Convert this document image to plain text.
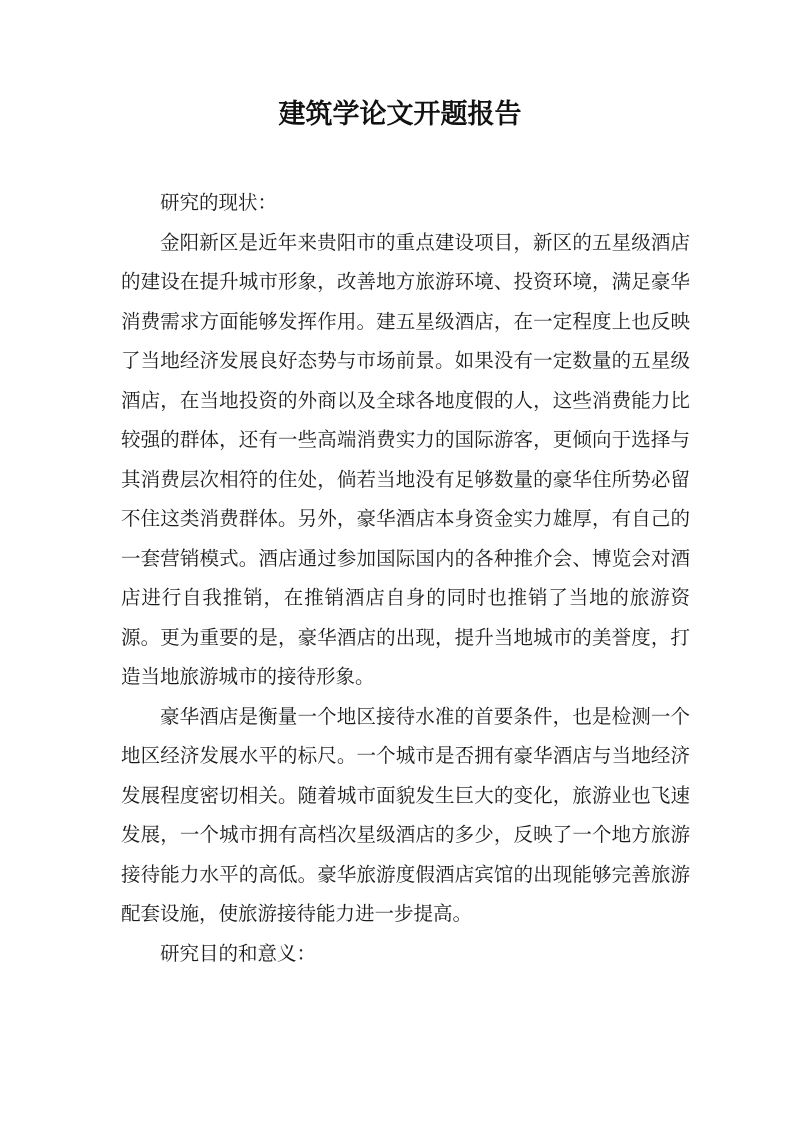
建筑学论文开题报告

研究的现状：

金阳新区是近年来贵阳市的重点建设项目，新区的五星级酒店的建设在提升城市形象，改善地方旅游环境、投资环境，满足豪华消费需求方面能够发挥作用。建五星级酒店，在一定程度上也反映了当地经济发展良好态势与市场前景。如果没有一定数量的五星级酒店，在当地投资的外商以及全球各地度假的人，这些消费能力比较强的群体，还有一些高端消费实力的国际游客，更倾向于选择与其消费层次相符的住处，倘若当地没有足够数量的豪华住所势必留不住这类消费群体。另外，豪华酒店本身资金实力雄厚，有自己的一套营销模式。酒店通过参加国际国内的各种推介会、博览会对酒店进行自我推销，在推销酒店自身的同时也推销了当地的旅游资源。更为重要的是，豪华酒店的出现，提升当地城市的美誉度，打造当地旅游城市的接待形象。

豪华酒店是衡量一个地区接待水准的首要条件，也是检测一个地区经济发展水平的标尺。一个城市是否拥有豪华酒店与当地经济发展程度密切相关。随着城市面貌发生巨大的变化，旅游业也飞速发展，一个城市拥有高档次星级酒店的多少，反映了一个地方旅游接待能力水平的高低。豪华旅游度假酒店宾馆的出现能够完善旅游配套设施，使旅游接待能力进一步提高。

研究目的和意义：
